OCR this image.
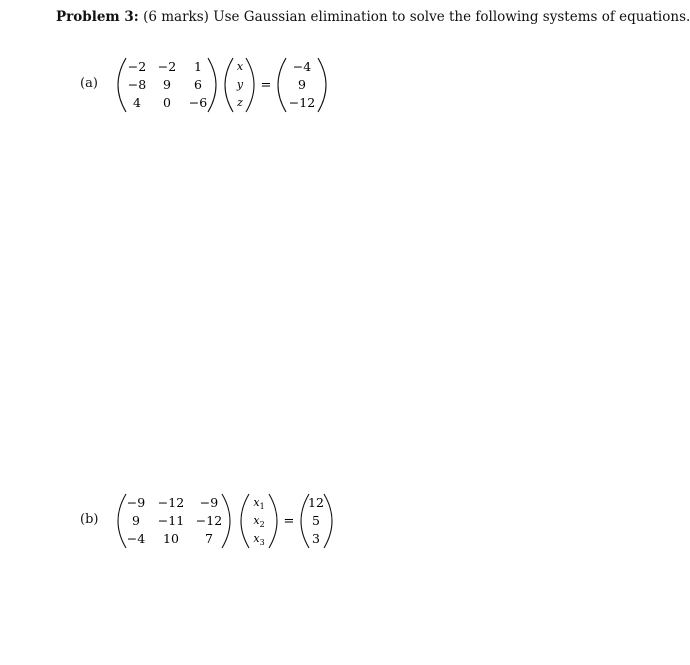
Problem 3: (6 marks) Use Gaussian elimination to solve the following systems of equations.
(a)
−2 −2 1
−8 9 6
4 0 −6
x
y
z
=
−4
9
−12
(b)
−9 −12 −9
9 −11 −12
−4 10 7
$x_1$
$x_2$
$x_3$
=
12
5
3
